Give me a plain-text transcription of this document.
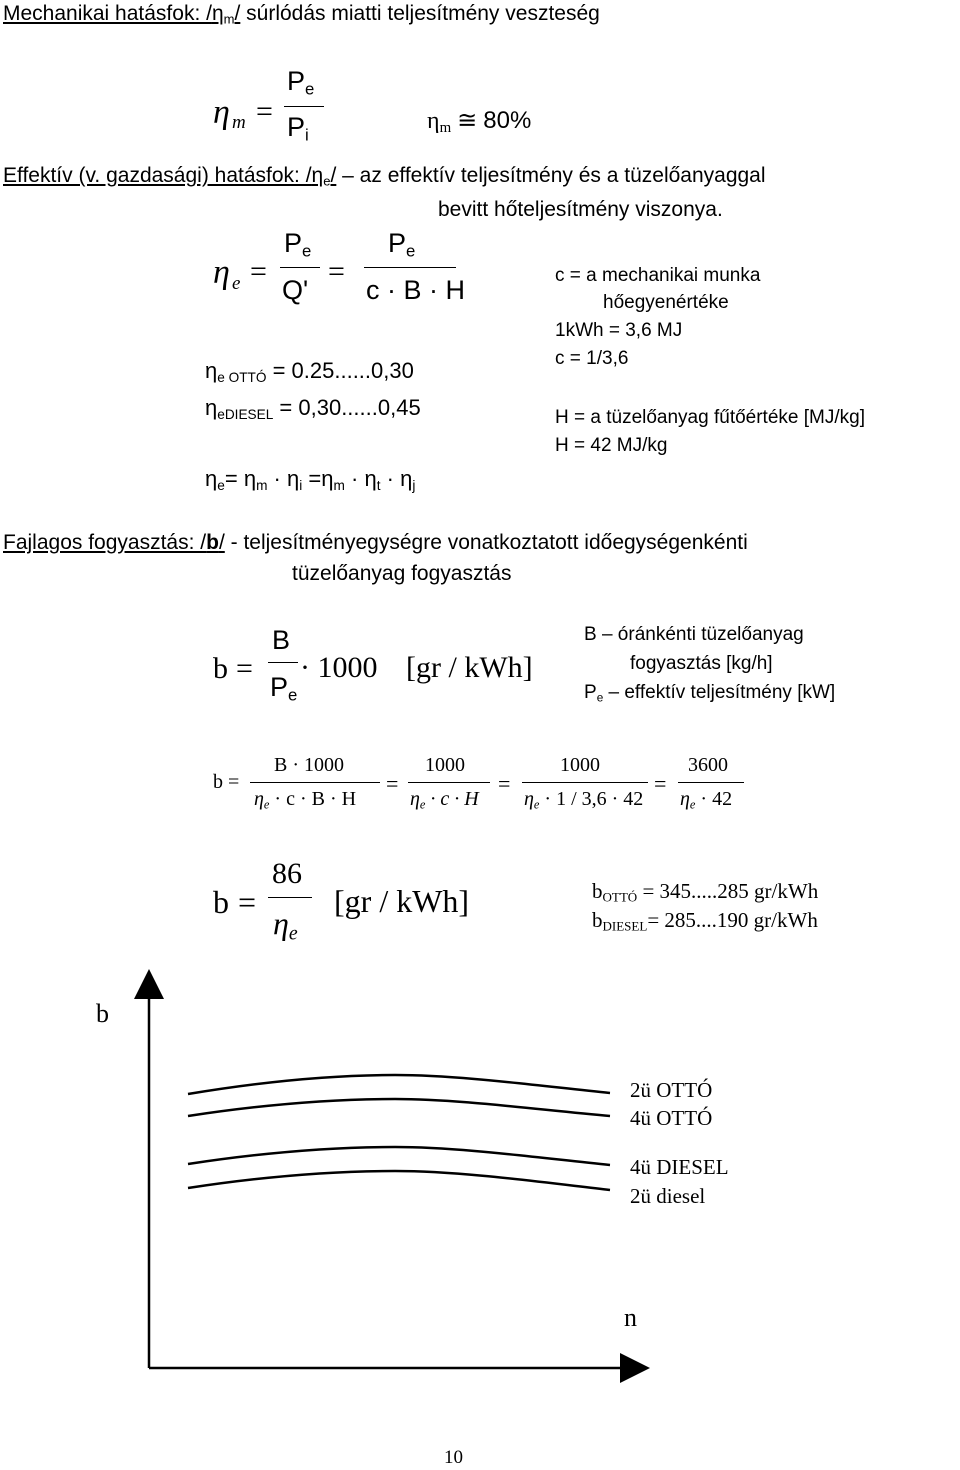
Mechanikai hatásfok: $/\eta_m/$ súrlódás miatti teljesítmény veszteség
η m =
$P_e$
$P_i$
$\eta_m$ ≅ 80%
Effektív (v. gazdasági) hatásfok: $/\eta_e/$ – az effektív teljesítmény és a tüzelőanyaggal
bevitt hőteljesítmény viszonya.
η e =
$P_e$
Q'
=
$P_e$
c · B · H
$\eta_{e OTTÓ} = 0.25......0,30$
$\eta_{eDIESEL} = 0,30......0,45$
$\eta_e= \eta_m \cdot \eta_i =\eta_m \cdot \eta_t \cdot \eta_j$
c = a mechanikai munka
hőegyenértéke
1kWh = 3,6 MJ
c = 1/3,6
H = a tüzelőanyag fűtőértéke [MJ/kg]
H = 42 MJ/kg
Fajlagos fogyasztás: /b/ - teljesítményegységre vonatkoztatott időegységenkénti
tüzelőanyag fogyasztás
b =
B
$P_e$
· 1000 [gr / kWh]
B – óránkénti tüzelőanyag
fogyasztás [kg/h]
$P_e$ – effektív teljesítmény [kW]
b =
B · 1000
$\eta_e \cdot c \cdot B \cdot H$
=
1000
$\eta_e \cdot c \cdot H$
=
1000
$\eta_e \cdot 1 / 3,6 \cdot 42$
=
3600
$\eta_e \cdot 42$
b =
86
$\eta_e$
[gr / kWh]	$b_{OTTÓ} = 345.....285$ gr/kWh
$b_{DIESEL}= 285....190$ gr/kWh
b
n
2ü OTTÓ
4ü OTTÓ
4ü DIESEL
2ü diesel
10
